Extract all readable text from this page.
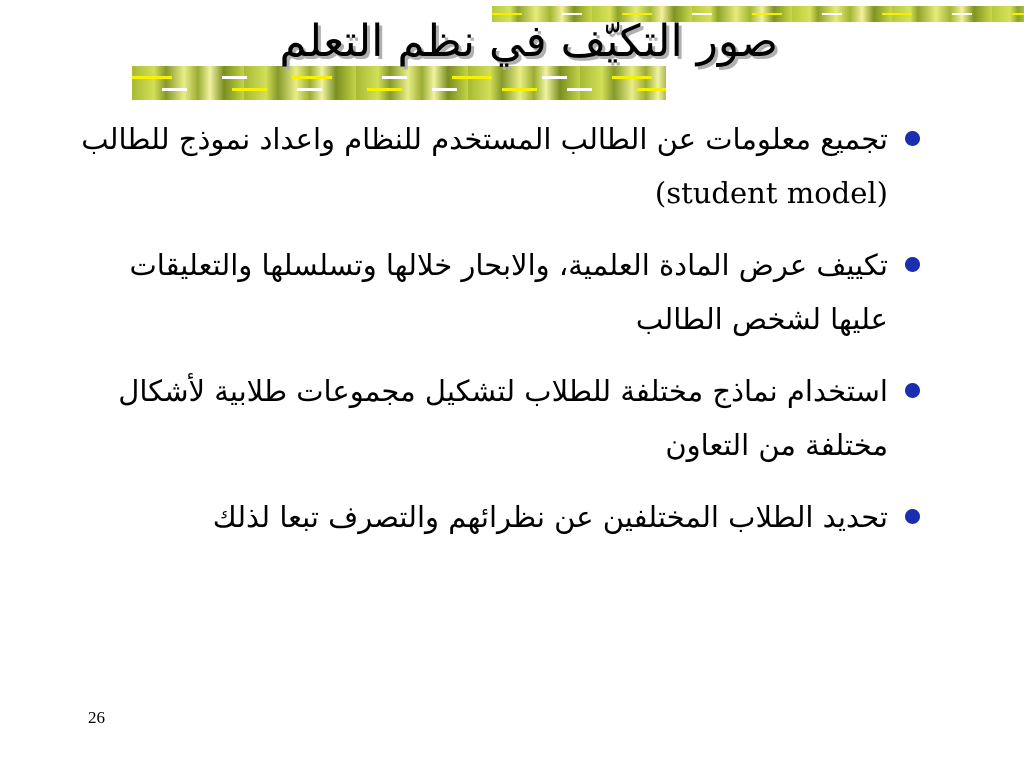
صور التكيّف في نظم التعلم
تجميع معلومات عن الطالب المستخدم للنظام واعداد نموذج للطالب (student model)
تكييف عرض المادة العلمية، والابحار خلالها وتسلسلها والتعليقات عليها لشخص الطالب
استخدام نماذج مختلفة للطلاب لتشكيل مجموعات طلابية لأشكال مختلفة من التعاون
تحديد الطلاب المختلفين عن نظرائهم والتصرف تبعا لذلك
26
